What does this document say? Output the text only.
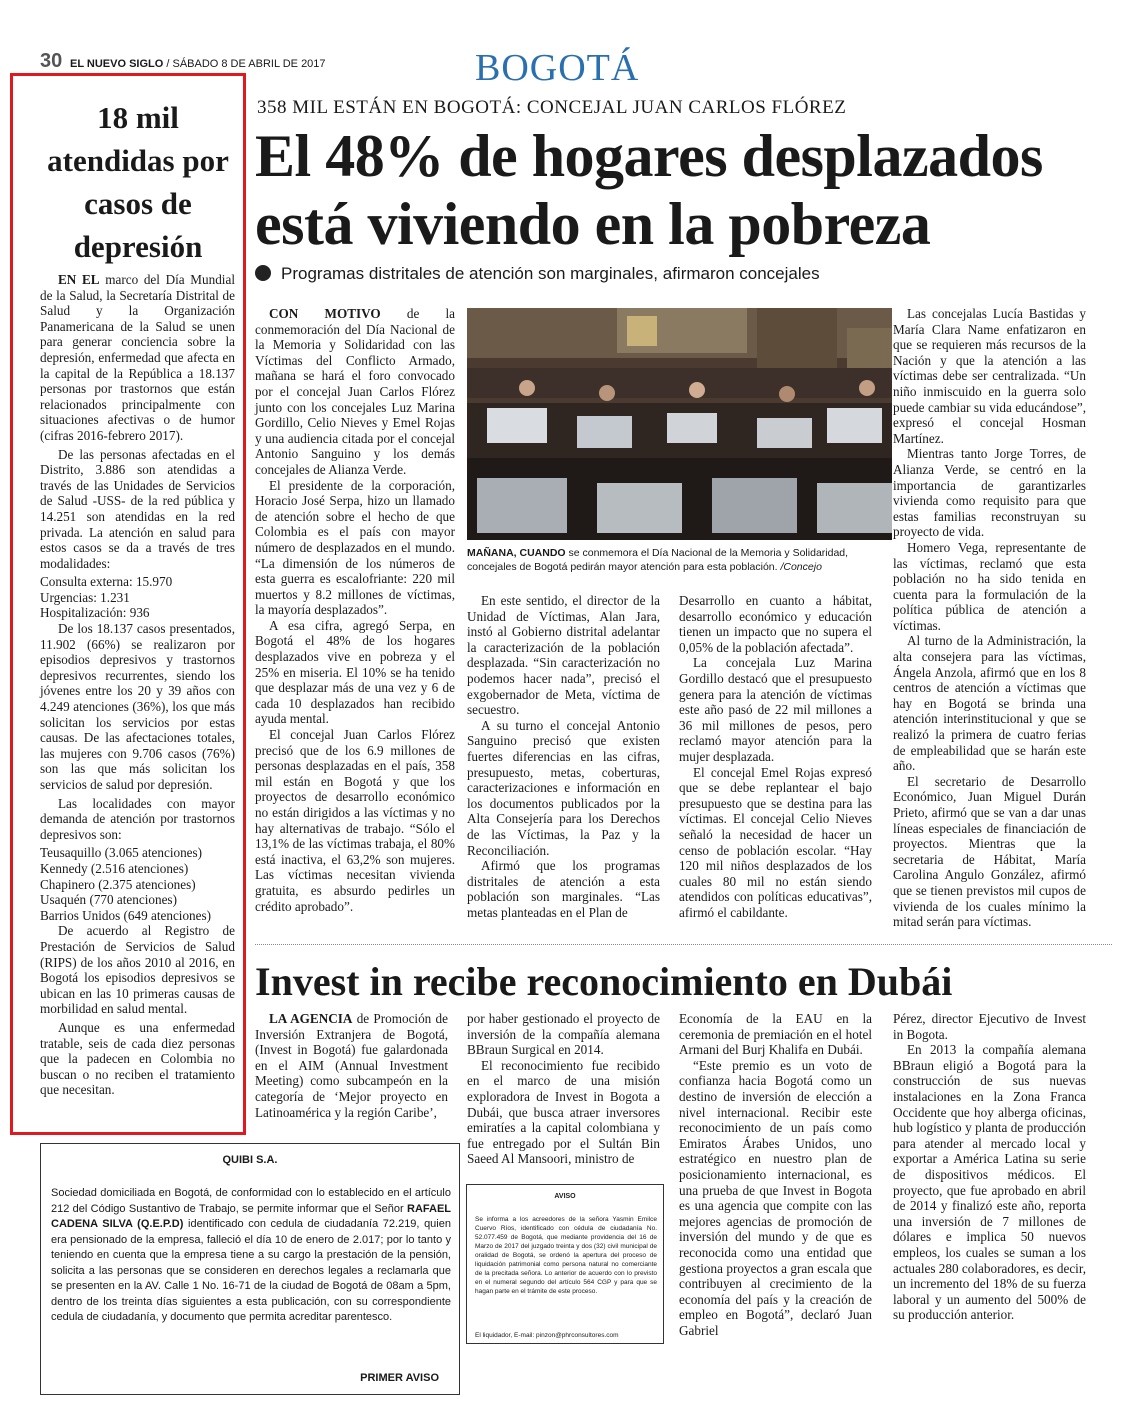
30 EL NUEVO SIGLO / SÁBADO 8 DE ABRIL DE 2017	BOGOTÁ
18 mil atendidas por casos de depresión

EN EL marco del Día Mundial de la Salud, la Secretaría Distrital de Salud y la Organización Panamericana de la Salud se unen para generar conciencia sobre la depresión, enfermedad que afecta en la capital de la República a 18.137 personas por trastornos que están relacionados principalmente con situaciones afectivas o de humor (cifras 2016-febrero 2017).

De las personas afectadas en el Distrito, 3.886 son atendidas a través de las Unidades de Servicios de Salud -USS- de la red pública y 14.251 son atendidas en la red privada. La atención en salud para estos casos se da a través de tres modalidades:

Consulta externa: 15.970
Urgencias: 1.231
Hospitalización: 936

De los 18.137 casos presentados, 11.902 (66%) se realizaron por episodios depresivos y trastornos depresivos recurrentes, siendo los jóvenes entre los 20 y 39 años con 4.249 atenciones (36%), los que más solicitan los servicios por estas causas. De las afectaciones totales, las mujeres con 9.706 casos (76%) son las que más solicitan los servicios de salud por depresión.

Las localidades con mayor demanda de atención por trastornos depresivos son:

Teusaquillo (3.065 atenciones)
Kennedy (2.516 atenciones)
Chapinero (2.375 atenciones)
Usaquén (770 atenciones)
Barrios Unidos (649 atenciones)

De acuerdo al Registro de Prestación de Servicios de Salud (RIPS) de los años 2010 al 2016, en Bogotá los episodios depresivos se ubican en las 10 primeras causas de morbilidad en salud mental.

Aunque es una enfermedad tratable, seis de cada diez personas que la padecen en Colombia no buscan o no reciben el tratamiento que necesitan.

358 MIL ESTÁN EN BOGOTÁ: CONCEJAL JUAN CARLOS FLÓREZ
El 48% de hogares desplazados está viviendo en la pobreza
Programas distritales de atención son marginales, afirmaron concejales

CON MOTIVO de la conmemoración del Día Nacional de la Memoria y Solidaridad con las Víctimas del Conflicto Armado, mañana se hará el foro convocado por el concejal Juan Carlos Flórez junto con los concejales Luz Marina Gordillo, Celio Nieves y Emel Rojas y una audiencia citada por el concejal Antonio Sanguino y los demás concejales de Alianza Verde.

El presidente de la corporación, Horacio José Serpa, hizo un llamado de atención sobre el hecho de que Colombia es el país con mayor número de desplazados en el mundo. “La dimensión de los números de esta guerra es escalofriante: 220 mil muertos y 8.2 millones de víctimas, la mayoría desplazados”.

A esa cifra, agregó Serpa, en Bogotá el 48% de los hogares desplazados vive en pobreza y el 25% en miseria. El 10% se ha tenido que desplazar más de una vez y 6 de cada 10 desplazados han recibido ayuda mental.

El concejal Juan Carlos Flórez precisó que de los 6.9 millones de personas desplazadas en el país, 358 mil están en Bogotá y que los proyectos de desarrollo económico no están dirigidos a las víctimas y no hay alternativas de trabajo. “Sólo el 13,1% de las víctimas trabaja, el 80% está inactiva, el 63,2% son mujeres. Las víctimas necesitan vivienda gratuita, es absurdo pedirles un crédito aprobado”.

MAÑANA, CUANDO se conmemora el Día Nacional de la Memoria y Solidaridad, concejales de Bogotá pedirán mayor atención para esta población. /Concejo

En este sentido, el director de la Unidad de Víctimas, Alan Jara, instó al Gobierno distrital adelantar la caracterización de la población desplazada. “Sin caracterización no podemos hacer nada”, precisó el exgobernador de Meta, víctima de secuestro.

A su turno el concejal Antonio Sanguino precisó que existen fuertes diferencias en las cifras, presupuesto, metas, coberturas, caracterizaciones e información en los documentos publicados por la Alta Consejería para los Derechos de las Víctimas, la Paz y la Reconciliación.

Afirmó que los programas distritales de atención a esta población son marginales. “Las metas planteadas en el Plan de

Desarrollo en cuanto a hábitat, desarrollo económico y educación tienen un impacto que no supera el 0,05% de la población afectada”.

La concejala Luz Marina Gordillo destacó que el presupuesto genera para la atención de víctimas este año pasó de 22 mil millones a 36 mil millones de pesos, pero reclamó mayor atención para la mujer desplazada.

El concejal Emel Rojas expresó que se debe replantear el bajo presupuesto que se destina para las víctimas. El concejal Celio Nieves señaló la necesidad de hacer un censo de población escolar. “Hay 120 mil niños desplazados de los cuales 80 mil no están siendo atendidos con políticas educativas”, afirmó el cabildante.

Las concejalas Lucía Bastidas y María Clara Name enfatizaron en que se requieren más recursos de la Nación y que la atención a las víctimas debe ser centralizada. “Un niño inmiscuido en la guerra solo puede cambiar su vida educándose”, expresó el concejal Hosman Martínez.

Mientras tanto Jorge Torres, de Alianza Verde, se centró en la importancia de garantizarles vivienda como requisito para que estas familias reconstruyan su proyecto de vida.

Homero Vega, representante de las víctimas, reclamó que esta población no ha sido tenida en cuenta para la formulación de la política pública de atención a víctimas.

Al turno de la Administración, la alta consejera para las víctimas, Ángela Anzola, afirmó que en los 8 centros de atención a víctimas que hay en Bogotá se brinda una atención interinstitucional y que se realizó la primera de cuatro ferias de empleabilidad que se harán este año.

El secretario de Desarrollo Económico, Juan Miguel Durán Prieto, afirmó que se van a dar unas líneas especiales de financiación de proyectos. Mientras que la secretaria de Hábitat, María Carolina Angulo González, afirmó que se tienen previstos mil cupos de vivienda de los cuales mínimo la mitad serán para víctimas.

Invest in recibe reconocimiento en Dubái

LA AGENCIA de Promoción de Inversión Extranjera de Bogotá, (Invest in Bogotá) fue galardonada en el AIM (Annual Investment Meeting) como subcampeón en la categoría de ‘Mejor proyecto en Latinoamérica y la región Caribe’,

por haber gestionado el proyecto de inversión de la compañía alemana BBraun Surgical en 2014.

El reconocimiento fue recibido en el marco de una misión exploradora de Invest in Bogota a Dubái, que busca atraer inversores emiratíes a la capital colombiana y fue entregado por el Sultán Bin Saeed Al Mansoori, ministro de

Economía de la EAU en la ceremonia de premiación en el hotel Armani del Burj Khalifa en Dubái.

“Este premio es un voto de confianza hacia Bogotá como un destino de inversión de elección a nivel internacional. Recibir este reconocimiento de un país como Emiratos Árabes Unidos, uno estratégico en nuestro plan de posicionamiento internacional, es una prueba de que Invest in Bogota es una agencia que compite con las mejores agencias de promoción de inversión del mundo y de que es reconocida como una entidad que gestiona proyectos a gran escala que contribuyen al crecimiento de la economía del país y la creación de empleo en Bogotá”, declaró Juan Gabriel

Pérez, director Ejecutivo de Invest in Bogota.

En 2013 la compañía alemana BBraun eligió a Bogotá para la construcción de sus nuevas instalaciones en la Zona Franca Occidente que hoy alberga oficinas, hub logístico y planta de producción para atender al mercado local y exportar a América Latina su serie de dispositivos médicos. El proyecto, que fue aprobado en abril de 2014 y finalizó este año, reporta una inversión de 7 millones de dólares e implica 50 nuevos empleos, los cuales se suman a los actuales 280 colaboradores, es decir, un incremento del 18% de su fuerza laboral y un aumento del 500% de su producción anterior.

QUIBI S.A.
Sociedad domiciliada en Bogotá, de conformidad con lo establecido en el artículo 212 del Código Sustantivo de Trabajo, se permite informar que el Señor RAFAEL CADENA SILVA (Q.E.P.D) identificado con cedula de ciudadanía 72.219, quien era pensionado de la empresa, falleció el día 10 de enero de 2.017; por lo tanto y teniendo en cuenta que la empresa tiene a su cargo la prestación de la pensión, solicita a las personas que se consideren en derechos legales a reclamarla que se presenten en la AV. Calle 1 No. 16-71 de la ciudad de Bogotá de 08am a 5pm, dentro de los treinta días siguientes a esta publicación, con su correspondiente cedula de ciudadanía, y documento que permita acreditar parentesco.
PRIMER AVISO
AVISO
Se informa a los acreedores de la señora Yasmin Emilce Cuervo Ríos, identificado con cédula de ciudadanía No. 52.077.459 de Bogotá, que mediante providencia del 16 de Marzo de 2017 del juzgado treinta y dos (32) civil municipal de oralidad de Bogotá, se ordenó la apertura del proceso de liquidación patrimonial como persona natural no comerciante de la precitada señora. Lo anterior de acuerdo con lo previsto en el numeral segundo del artículo 564 CGP y para que se hagan parte en el trámite de este proceso.
El liquidador, E-mail: pinzon@phrconsultores.com
